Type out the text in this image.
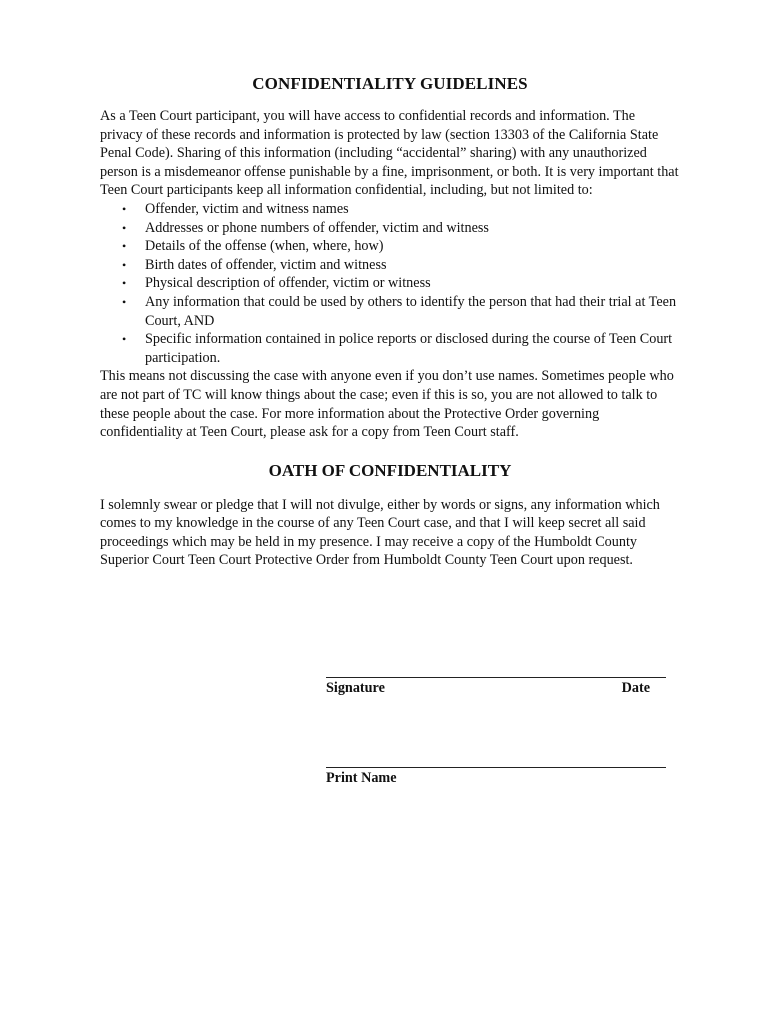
CONFIDENTIALITY GUIDELINES

As a Teen Court participant, you will have access to confidential records and information. The privacy of these records and information is protected by law (section 13303 of the California State Penal Code). Sharing of this information (including “accidental” sharing) with any unauthorized person is a misdemeanor offense punishable by a fine, imprisonment, or both. It is very important that Teen Court participants keep all information confidential, including, but not limited to:

• Offender, victim and witness names
• Addresses or phone numbers of offender, victim and witness
• Details of the offense (when, where, how)
• Birth dates of offender, victim and witness
• Physical description of offender, victim or witness
• Any information that could be used by others to identify the person that had their trial at Teen Court, AND
• Specific information contained in police reports or disclosed during the course of Teen Court participation.

This means not discussing the case with anyone even if you don’t use names. Sometimes people who are not part of TC will know things about the case; even if this is so, you are not allowed to talk to these people about the case. For more information about the Protective Order governing confidentiality at Teen Court, please ask for a copy from Teen Court staff.

OATH OF CONFIDENTIALITY

I solemnly swear or pledge that I will not divulge, either by words or signs, any information which comes to my knowledge in the course of any Teen Court case, and that I will keep secret all said proceedings which may be held in my presence. I may receive a copy of the Humboldt County Superior Court Teen Court Protective Order from Humboldt County Teen Court upon request.

Signature	Date
Print Name
